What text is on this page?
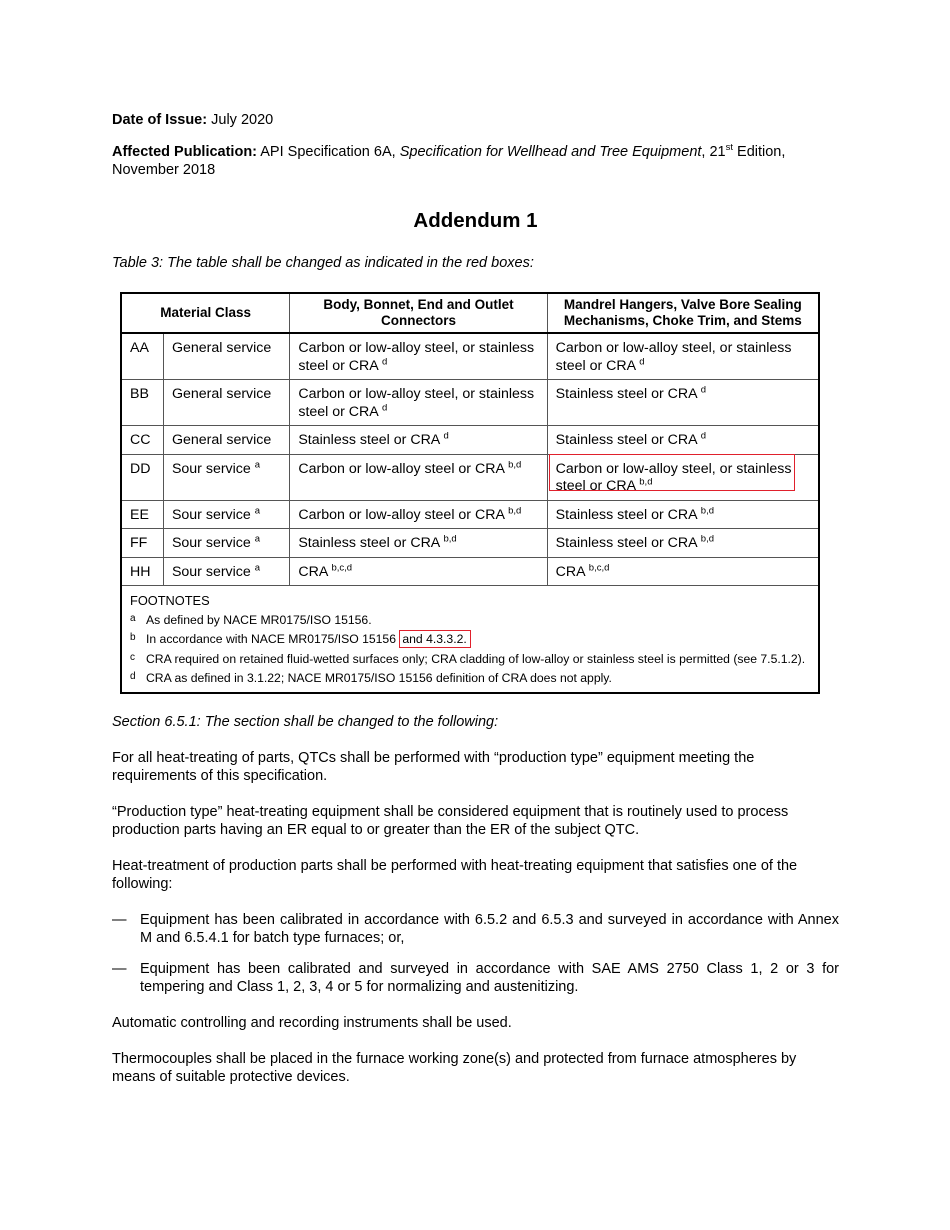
Date of Issue: July 2020

Affected Publication: API Specification 6A, Specification for Wellhead and Tree Equipment, 21st Edition,
November 2018

Addendum 1

Table 3: The table shall be changed as indicated in the red boxes:

Material Class		Body, Bonnet, End and Outlet Connectors	Mandrel Hangers, Valve Bore Sealing Mechanisms, Choke Trim, and Stems
AA	General service	Carbon or low-alloy steel, or stainless steel or CRA $^d$	Carbon or low-alloy steel, or stainless steel or CRA $^d$
BB	General service	Carbon or low-alloy steel, or stainless steel or CRA $^d$	Stainless steel or CRA $^d$
CC	General service	Stainless steel or CRA $^d$	Stainless steel or CRA $^d$
DD	Sour service $^a$	Carbon or low-alloy steel or CRA $^{b,d}$	Carbon or low-alloy steel, or stainless steel or CRA $^{b,d}$
EE	Sour service $^a$	Carbon or low-alloy steel or CRA $^{b,d}$	Stainless steel or CRA $^{b,d}$
FF	Sour service $^a$	Stainless steel or CRA $^{b,d}$	Stainless steel or CRA $^{b,d}$
HH	Sour service $^a$	CRA $^{b,c,d}$	CRA $^{b,c,d}$

FOOTNOTES
a As defined by NACE MR0175/ISO 15156.
b In accordance with NACE MR0175/ISO 15156 and 4.3.3.2.
c CRA required on retained fluid-wetted surfaces only; CRA cladding of low-alloy or stainless steel is permitted (see 7.5.1.2).
d CRA as defined in 3.1.22; NACE MR0175/ISO 15156 definition of CRA does not apply.			

Section 6.5.1: The section shall be changed to the following:

For all heat-treating of parts, QTCs shall be performed with “production type” equipment meeting the requirements of this specification.

“Production type” heat-treating equipment shall be considered equipment that is routinely used to process production parts having an ER equal to or greater than the ER of the subject QTC.

Heat-treatment of production parts shall be performed with heat-treating equipment that satisfies one of the following:

— Equipment has been calibrated in accordance with 6.5.2 and 6.5.3 and surveyed in accordance with Annex M and 6.5.4.1 for batch type furnaces; or,

— Equipment has been calibrated and surveyed in accordance with SAE AMS 2750 Class 1, 2 or 3 for tempering and Class 1, 2, 3, 4 or 5 for normalizing and austenitizing.

Automatic controlling and recording instruments shall be used.

Thermocouples shall be placed in the furnace working zone(s) and protected from furnace atmospheres by means of suitable protective devices.
